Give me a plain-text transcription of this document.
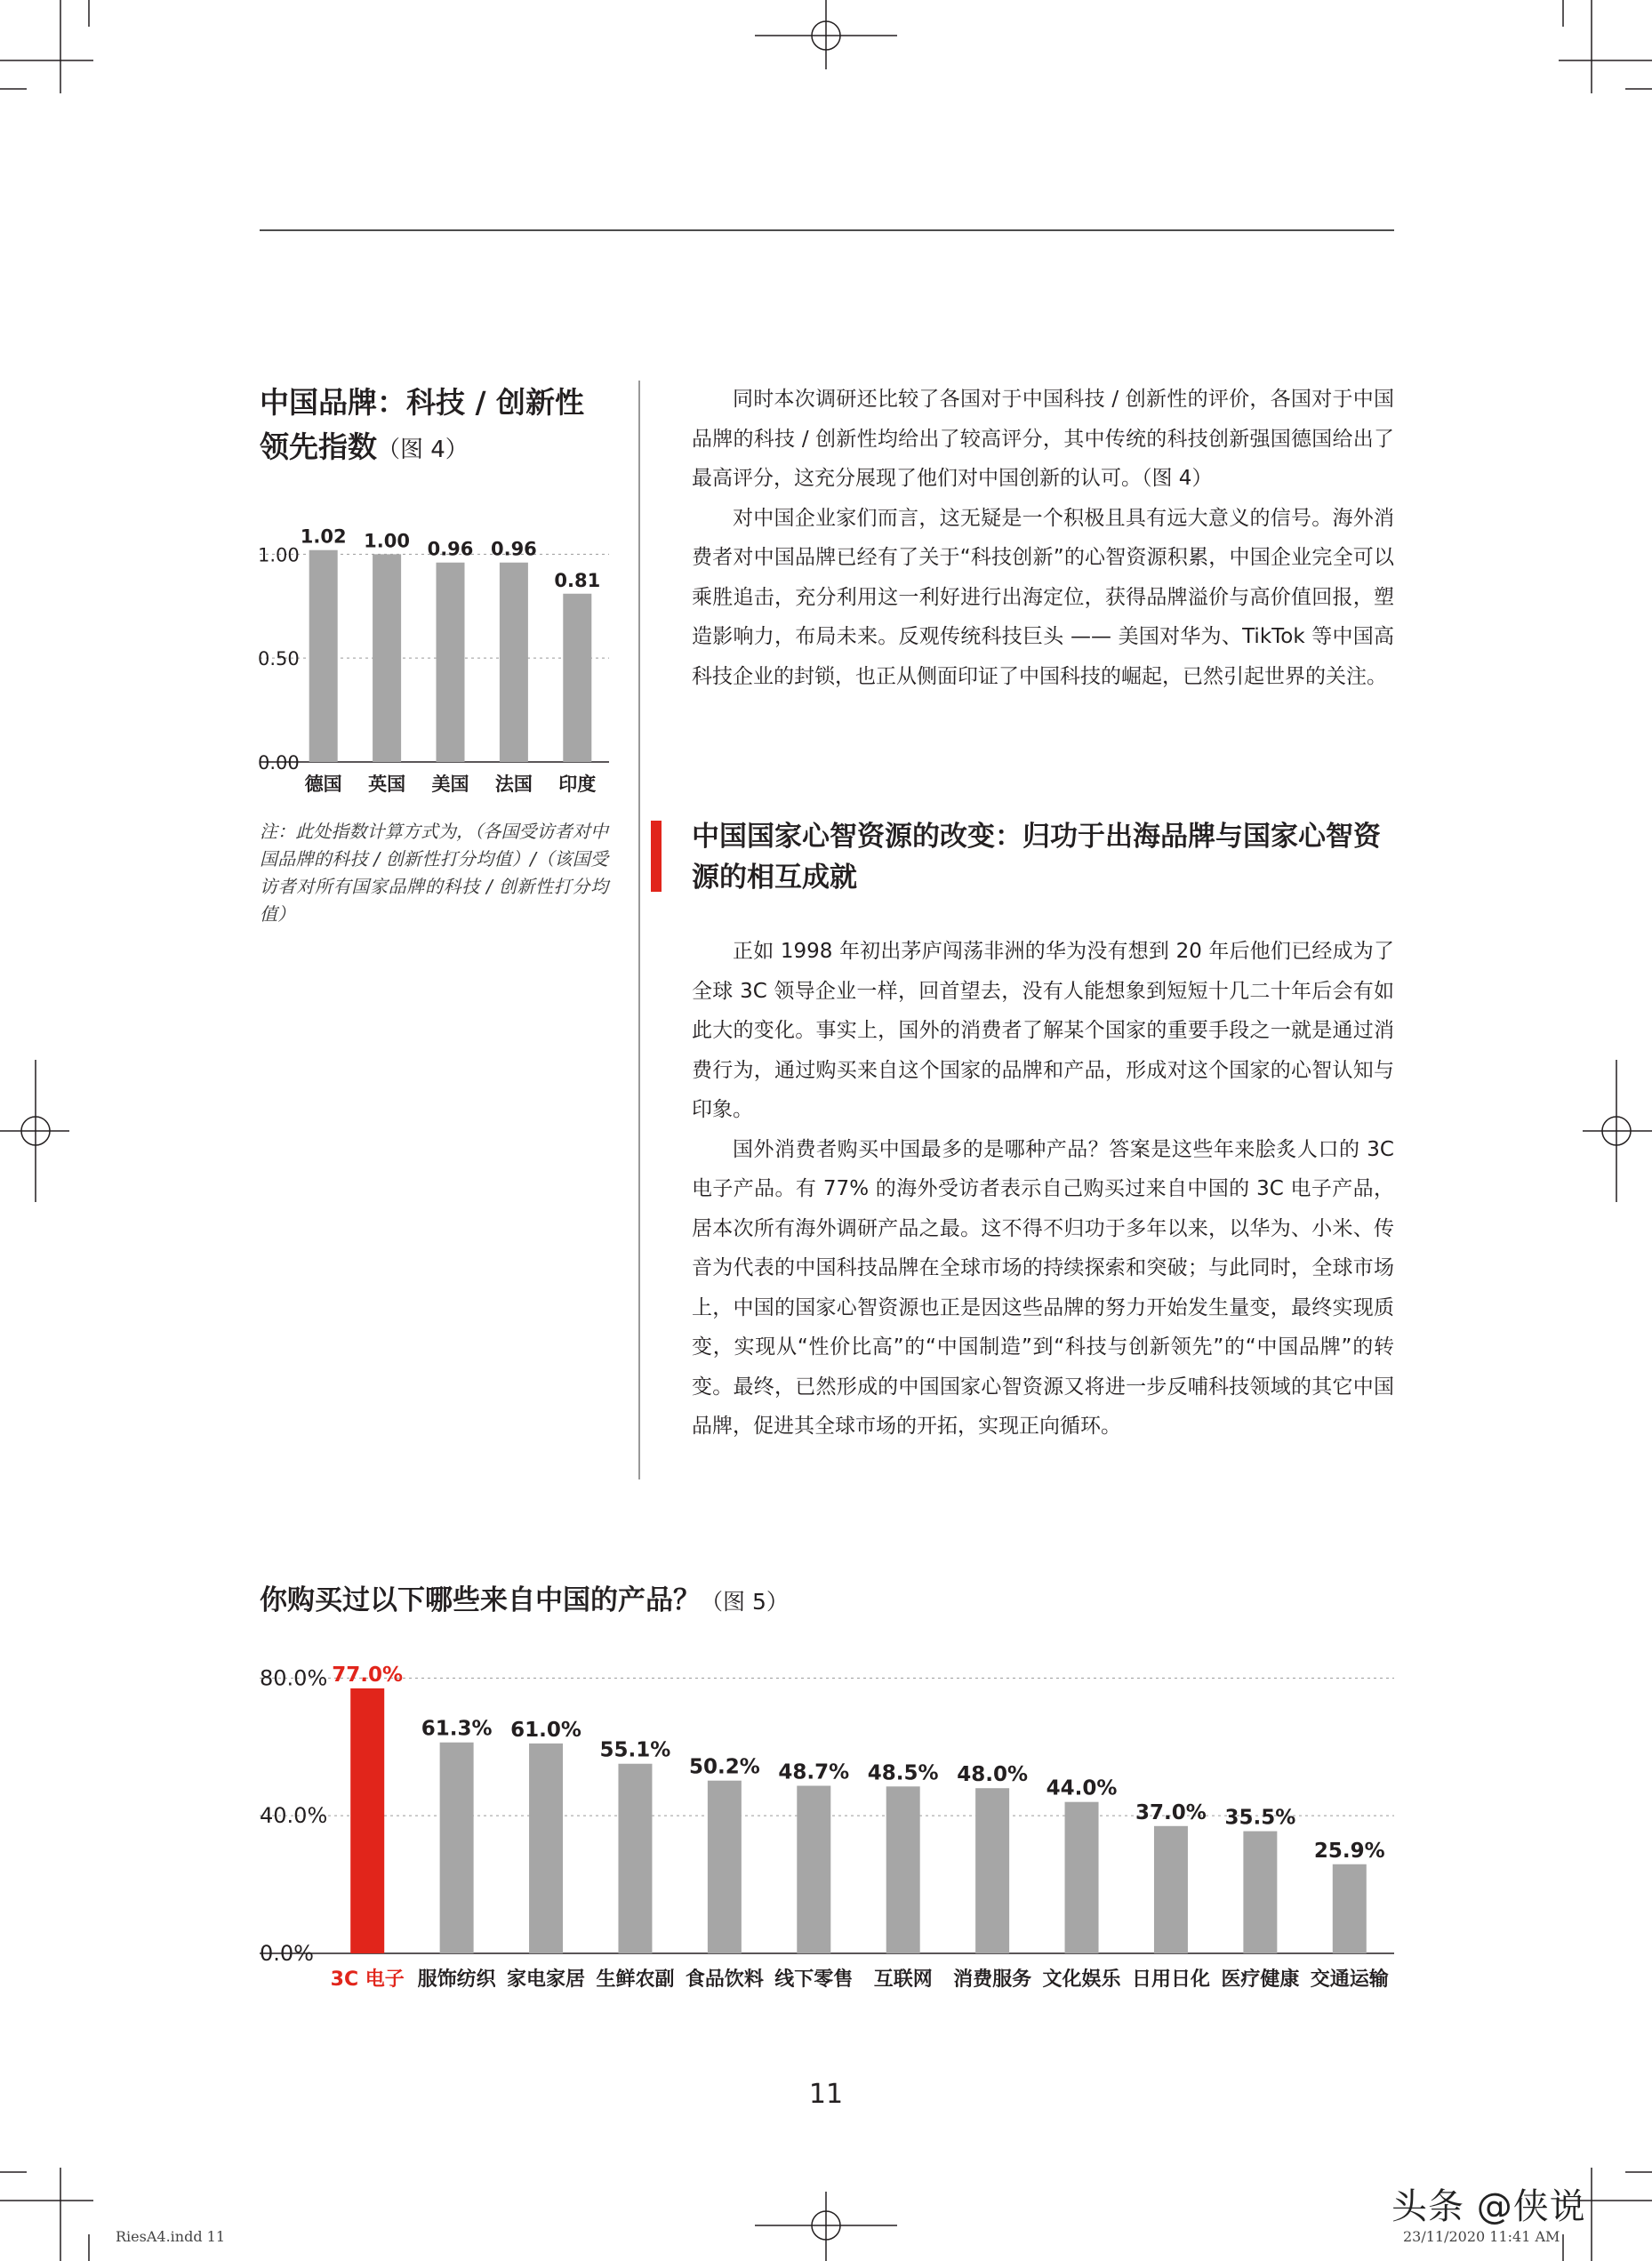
中国品牌：科技 / 创新性
领先指数（图 4）
1.00
0.50
0.00
1.02
德国
1.00
英国
0.96
美国
0.96
法国
0.81
印度
注：此处指数计算方式为，（各国受访者对中国品牌的科技 / 创新性打分均值）/（该国受访者对所有国家品牌的科技 / 创新性打分均值）

同时本次调研还比较了各国对于中国科技 / 创新性的评价，各国对于中国品牌的科技 / 创新性均给出了较高评分，其中传统的科技创新强国德国给出了最高评分，这充分展现了他们对中国创新的认可。（图 4）

对中国企业家们而言，这无疑是一个积极且具有远大意义的信号。海外消费者对中国品牌已经有了关于“科技创新”的心智资源积累，中国企业完全可以乘胜追击，充分利用这一利好进行出海定位，获得品牌溢价与高价值回报，塑造影响力，布局未来。反观传统科技巨头 —— 美国对华为、TikTok 等中国高科技企业的封锁，也正从侧面印证了中国科技的崛起，已然引起世界的关注。

中国国家心智资源的改变：归功于出海品牌与国家心智资源的相互成就

正如 1998 年初出茅庐闯荡非洲的华为没有想到 20 年后他们已经成为了全球 3C 领导企业一样，回首望去，没有人能想象到短短十几二十年后会有如此大的变化。事实上，国外的消费者了解某个国家的重要手段之一就是通过消费行为，通过购买来自这个国家的品牌和产品，形成对这个国家的心智认知与印象。

国外消费者购买中国最多的是哪种产品？答案是这些年来脍炙人口的 3C 电子产品。有 77% 的海外受访者表示自己购买过来自中国的 3C 电子产品，居本次所有海外调研产品之最。这不得不归功于多年以来，以华为、小米、传音为代表的中国科技品牌在全球市场的持续探索和突破；与此同时，全球市场上，中国的国家心智资源也正是因这些品牌的努力开始发生量变，最终实现质变，实现从“性价比高”的“中国制造”到“科技与创新领先”的“中国品牌”的转变。最终，已然形成的中国国家心智资源又将进一步反哺科技领域的其它中国品牌，促进其全球市场的开拓，实现正向循环。

你购买过以下哪些来自中国的产品？（图 5）
80.0%
40.0%
0.0%
77.0%
3C 电子
61.3%
服饰纺织
61.0%
家电家居
55.1%
生鲜农副
50.2%
食品饮料
48.7%
线下零售
48.5%
互联网
48.0%
消费服务
44.0%
文化娱乐
37.0%
日用日化
35.5%
医疗健康
25.9%
交通运输
11
RiesA4.indd 11	23/11/2020 11:41 AM
头条 @侠说
